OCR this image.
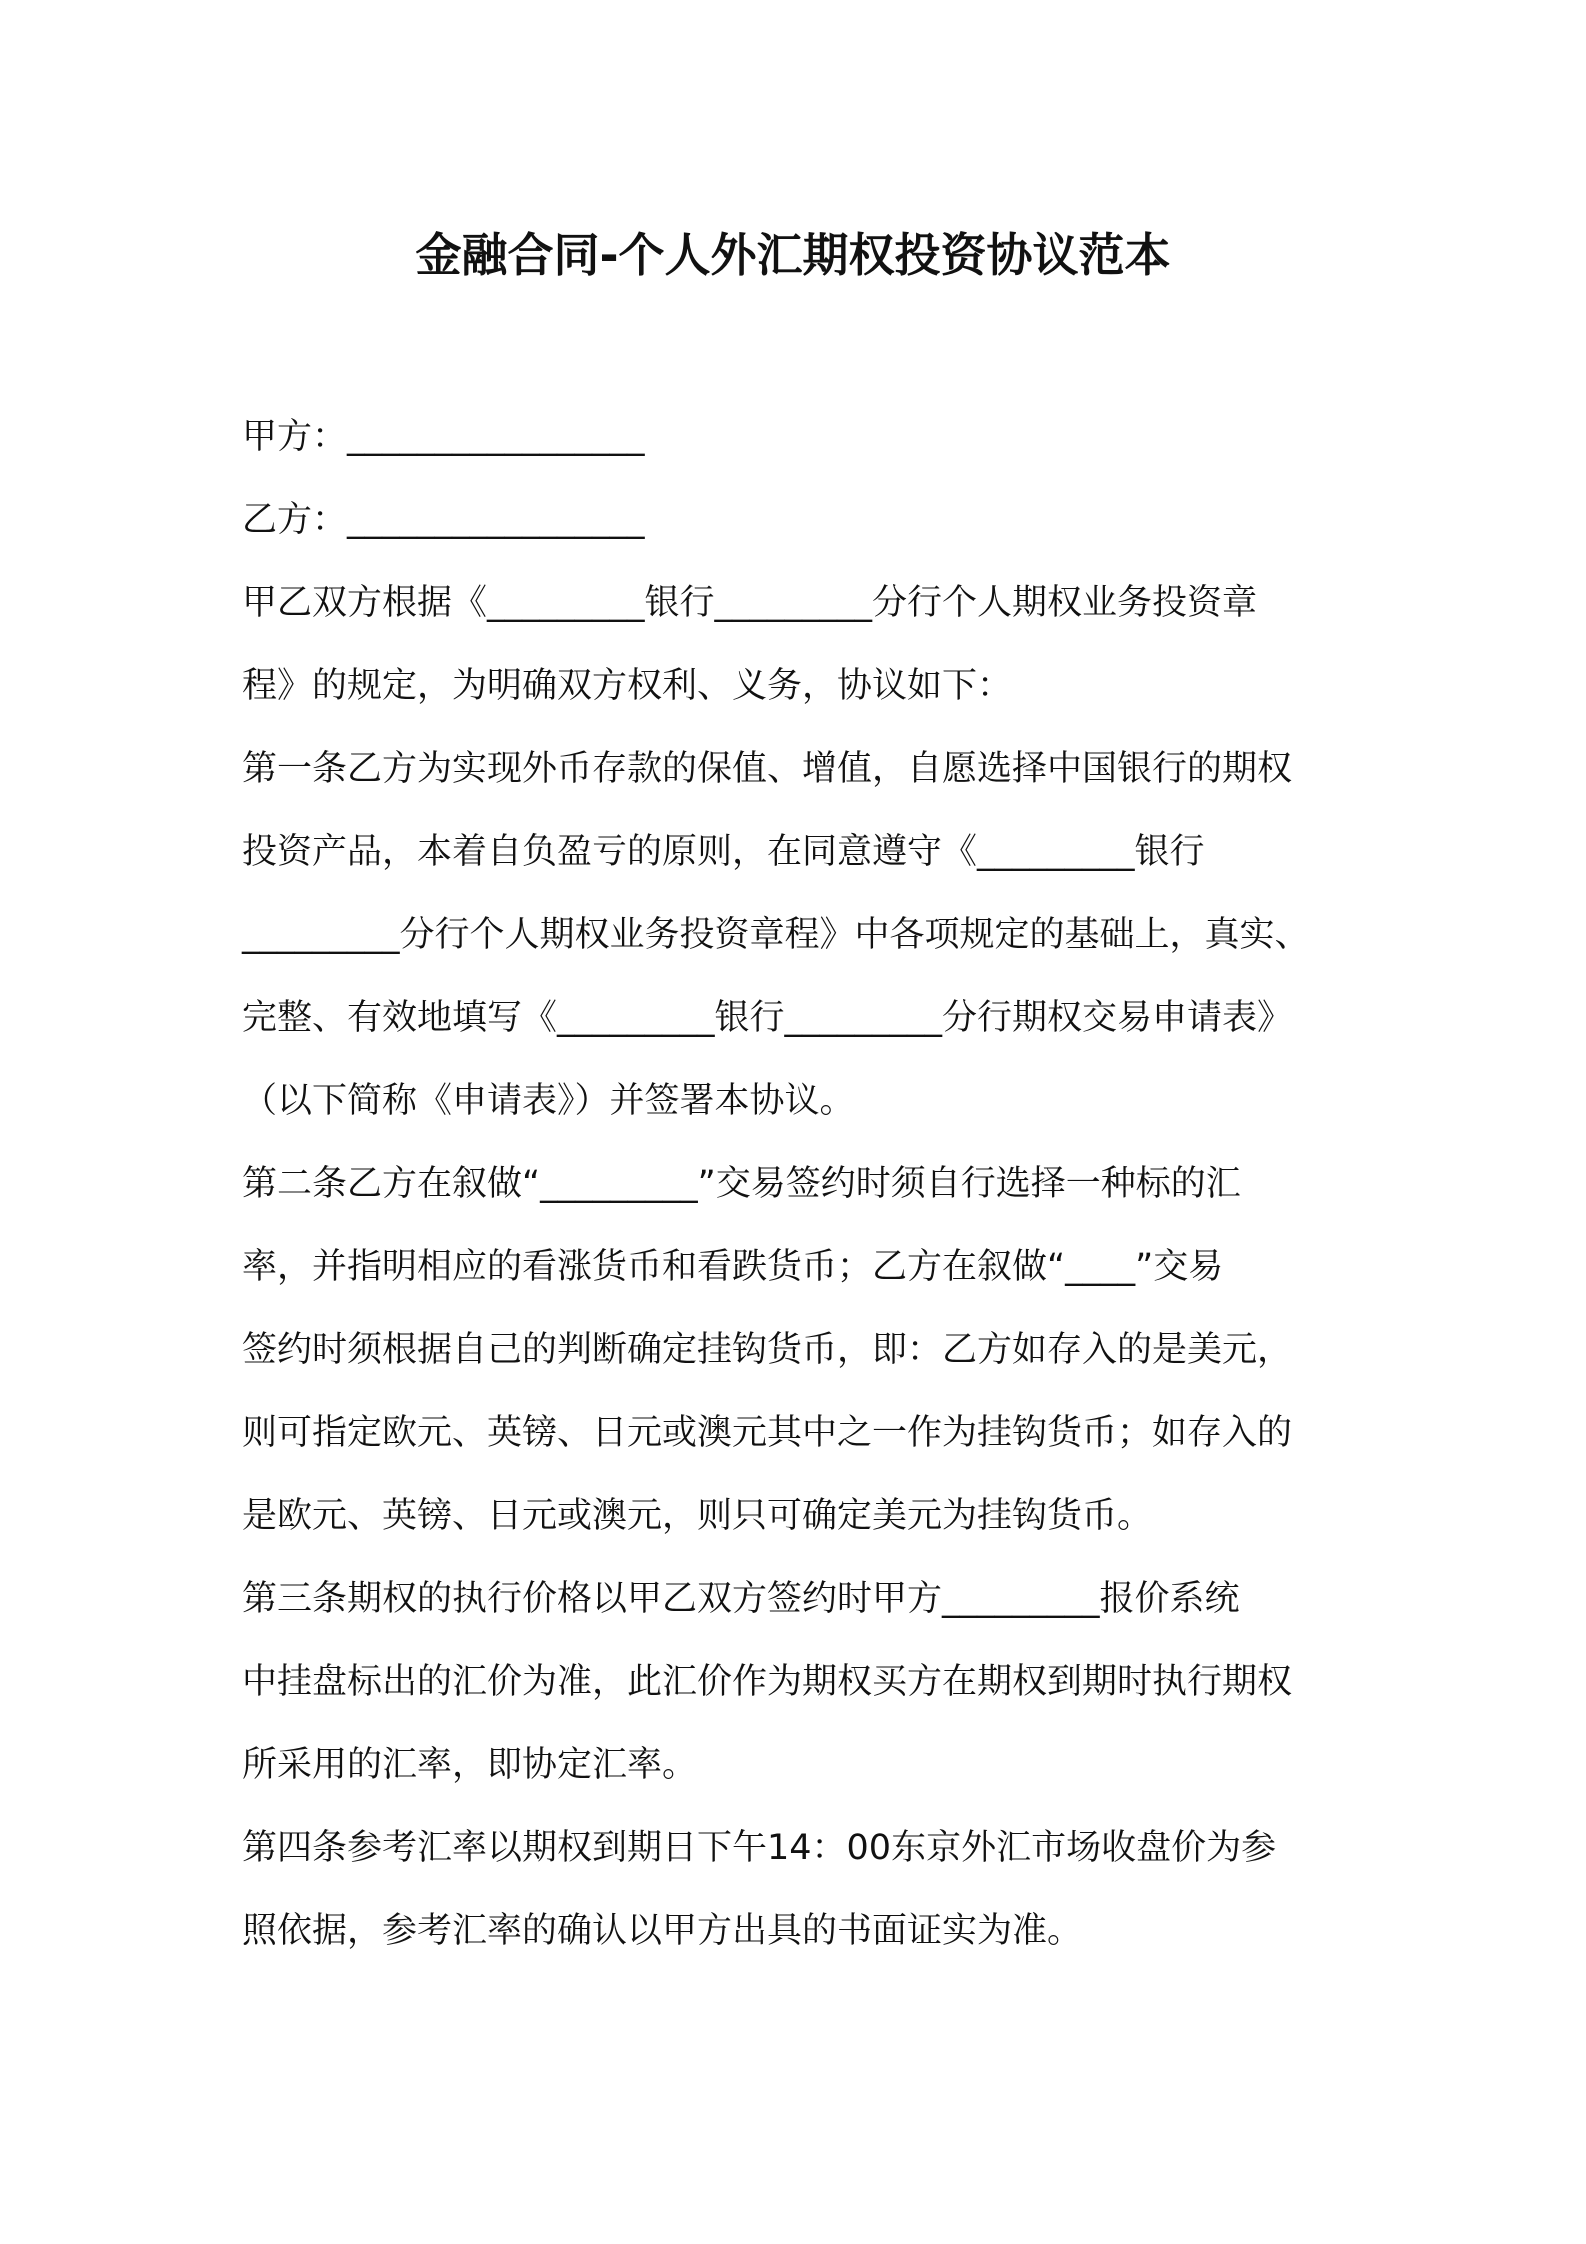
金融合同-个人外汇期权投资协议范本
甲方：_________________
乙方：_________________
甲乙双方根据《_________银行_________分行个人期权业务投资章
程》的规定，为明确双方权利、义务，协议如下：
第一条乙方为实现外币存款的保值、增值，自愿选择中国银行的期权
投资产品，本着自负盈亏的原则，在同意遵守《_________银行
_________分行个人期权业务投资章程》中各项规定的基础上，真实、
完整、有效地填写《_________银行_________分行期权交易申请表》
（以下简称《申请表》）并签署本协议。
第二条乙方在叙做“_________”交易签约时须自行选择一种标的汇
率，并指明相应的看涨货币和看跌货币；乙方在叙做“____”交易
签约时须根据自己的判断确定挂钩货币，即：乙方如存入的是美元，
则可指定欧元、英镑、日元或澳元其中之一作为挂钩货币；如存入的
是欧元、英镑、日元或澳元，则只可确定美元为挂钩货币。
第三条期权的执行价格以甲乙双方签约时甲方_________报价系统
中挂盘标出的汇价为准，此汇价作为期权买方在期权到期时执行期权
所采用的汇率，即协定汇率。
第四条参考汇率以期权到期日下午14：00东京外汇市场收盘价为参
照依据，参考汇率的确认以甲方出具的书面证实为准。
